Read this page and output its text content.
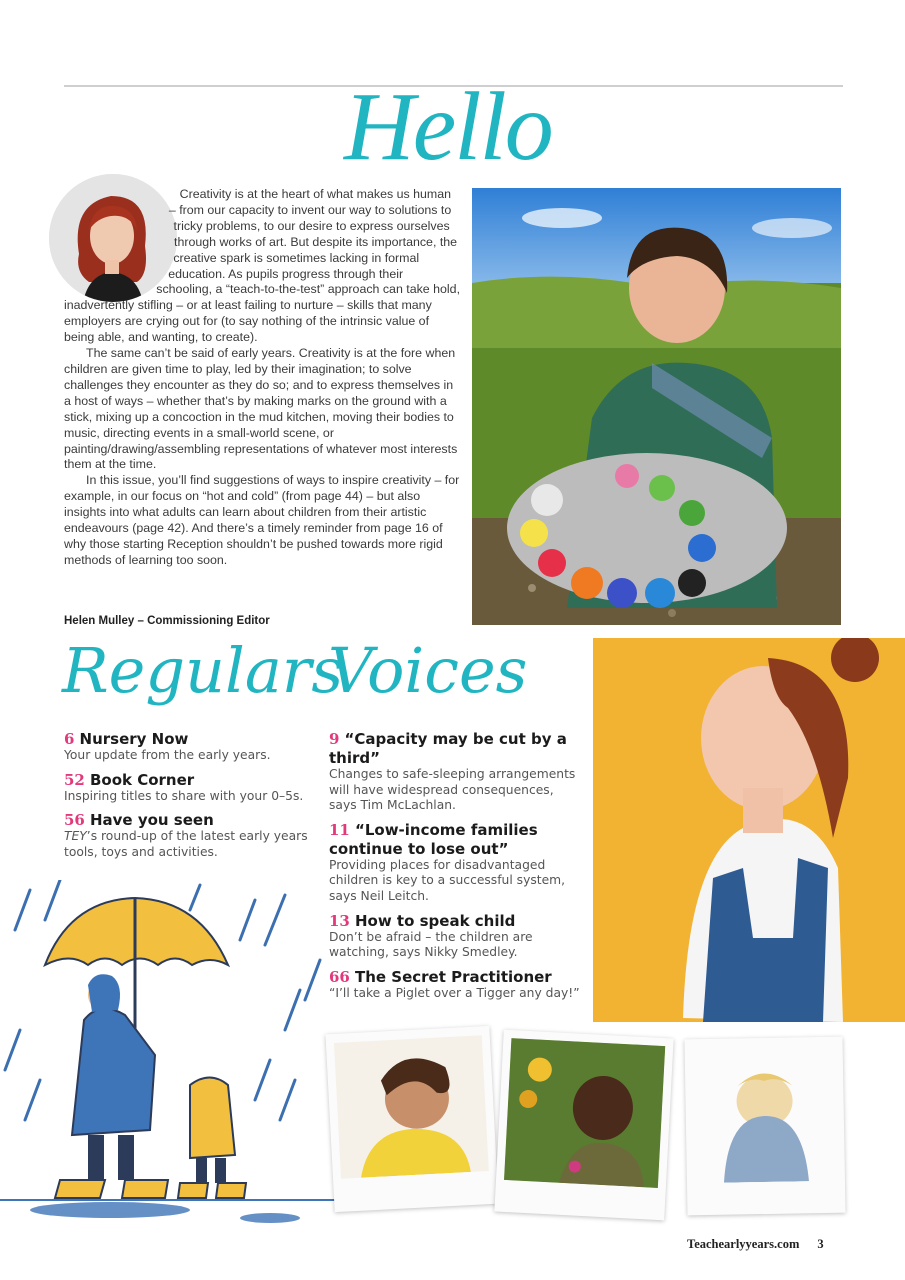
Hello

Creativity is at the heart of what makes us human – from our capacity to invent our way to solutions to tricky problems, to our desire to express ourselves through works of art. But despite its importance, the creative spark is sometimes lacking in formal education. As pupils progress through their schooling, a “teach-to-the-test” approach can take hold, inadvertently stifling – or at least failing to nurture – skills that many employers are crying out for (to say nothing of the intrinsic value of being able, and wanting, to create).

The same can’t be said of early years. Creativity is at the fore when children are given time to play, led by their imagination; to solve challenges they encounter as they do so; and to express themselves in a host of ways – whether that’s by making marks on the ground with a stick, mixing up a concoction in the mud kitchen, moving their bodies to music, directing events in a small-world scene, or painting/drawing/assembling representations of whatever most interests them at the time.

In this issue, you’ll find suggestions of ways to inspire creativity – for example, in our focus on “hot and cold” (from page 44) – but also insights into what adults can learn about children from their artistic endeavours (page 42). And there’s a timely reminder from page 16 of why those starting Reception shouldn’t be pushed towards more rigid methods of learning too soon.

Helen Mulley – Commissioning Editor
Regulars
6 Nursery Now
Your update from the early years.
52 Book Corner
Inspiring titles to share with your 0–5s.
56 Have you seen
TEY’s round-up of the latest early years tools, toys and activities.
Voices
9 “Capacity may be cut by a third”
Changes to safe-sleeping arrangements will have widespread consequences, says Tim McLachlan.
11 “Low-income families continue to lose out”
Providing places for disadvantaged children is key to a successful system, says Neil Leitch.
13 How to speak child
Don’t be afraid – the children are watching, says Nikky Smedley.
66 The Secret Practitioner
“I’ll take a Piglet over a Tigger any day!”
Teachearlyyears.com 3
